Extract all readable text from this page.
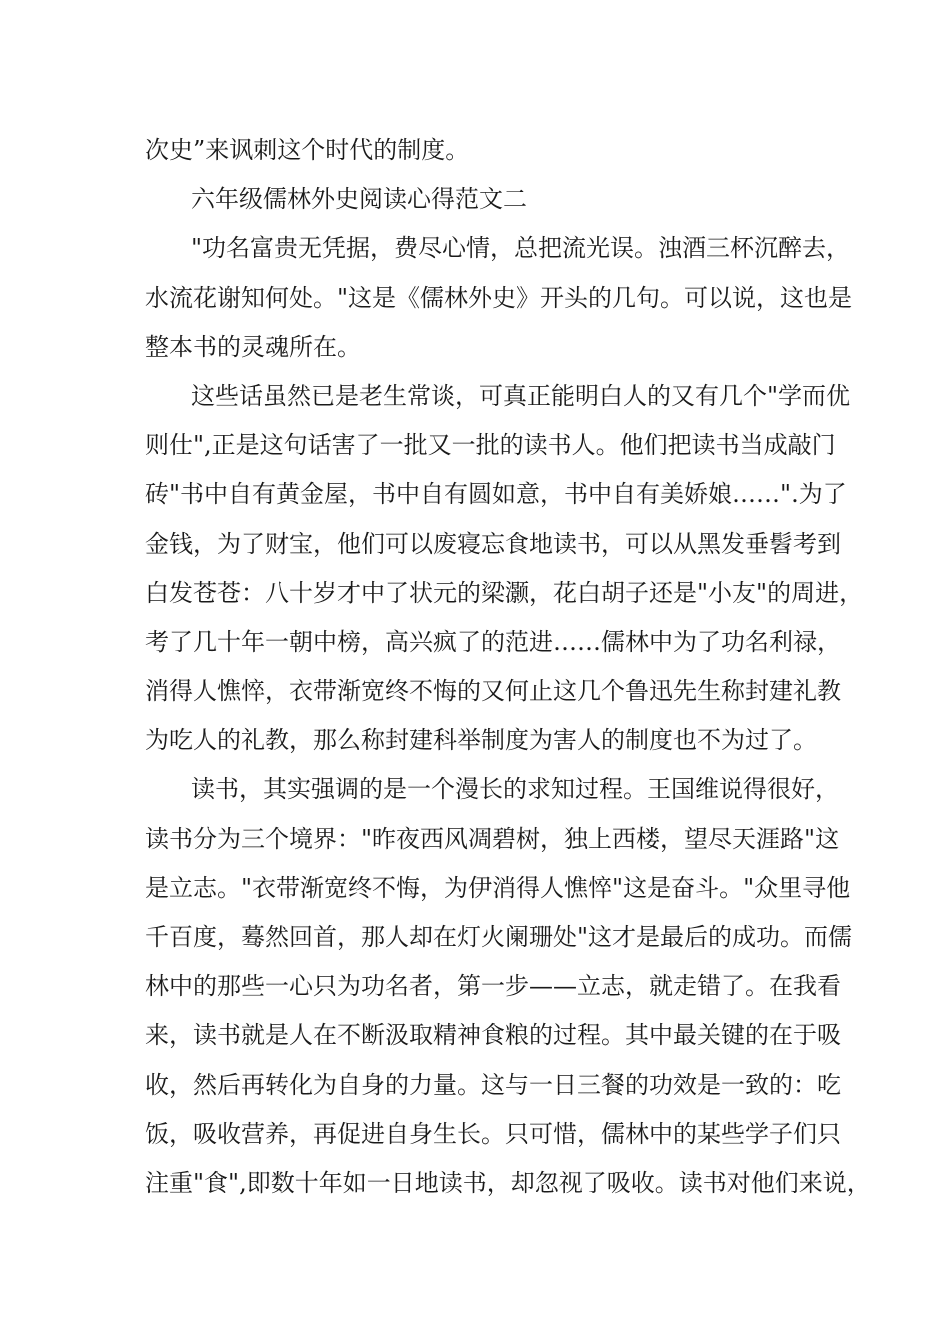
次史”来讽刺这个时代的制度。
六年级儒林外史阅读心得范文二
"功名富贵无凭据，费尽心情，总把流光误。浊酒三杯沉醉去，
水流花谢知何处。"这是《儒林外史》开头的几句。可以说，这也是
整本书的灵魂所在。
这些话虽然已是老生常谈，可真正能明白人的又有几个"学而优
则仕",正是这句话害了一批又一批的读书人。他们把读书当成敲门
砖"书中自有黄金屋，书中自有圆如意，书中自有美娇娘……".为了
金钱，为了财宝，他们可以废寝忘食地读书，可以从黑发垂髫考到
白发苍苍：八十岁才中了状元的梁灏，花白胡子还是"小友"的周进，
考了几十年一朝中榜，高兴疯了的范进……儒林中为了功名利禄，
消得人憔悴，衣带渐宽终不悔的又何止这几个鲁迅先生称封建礼教
为吃人的礼教，那么称封建科举制度为害人的制度也不为过了。
读书，其实强调的是一个漫长的求知过程。王国维说得很好，
读书分为三个境界："昨夜西风凋碧树，独上西楼，望尽天涯路"这
是立志。"衣带渐宽终不悔，为伊消得人憔悴"这是奋斗。"众里寻他
千百度，蓦然回首，那人却在灯火阑珊处"这才是最后的成功。而儒
林中的那些一心只为功名者，第一步——立志，就走错了。在我看
来，读书就是人在不断汲取精神食粮的过程。其中最关键的在于吸
收，然后再转化为自身的力量。这与一日三餐的功效是一致的：吃
饭，吸收营养，再促进自身生长。只可惜，儒林中的某些学子们只
注重"食",即数十年如一日地读书，却忽视了吸收。读书对他们来说，
